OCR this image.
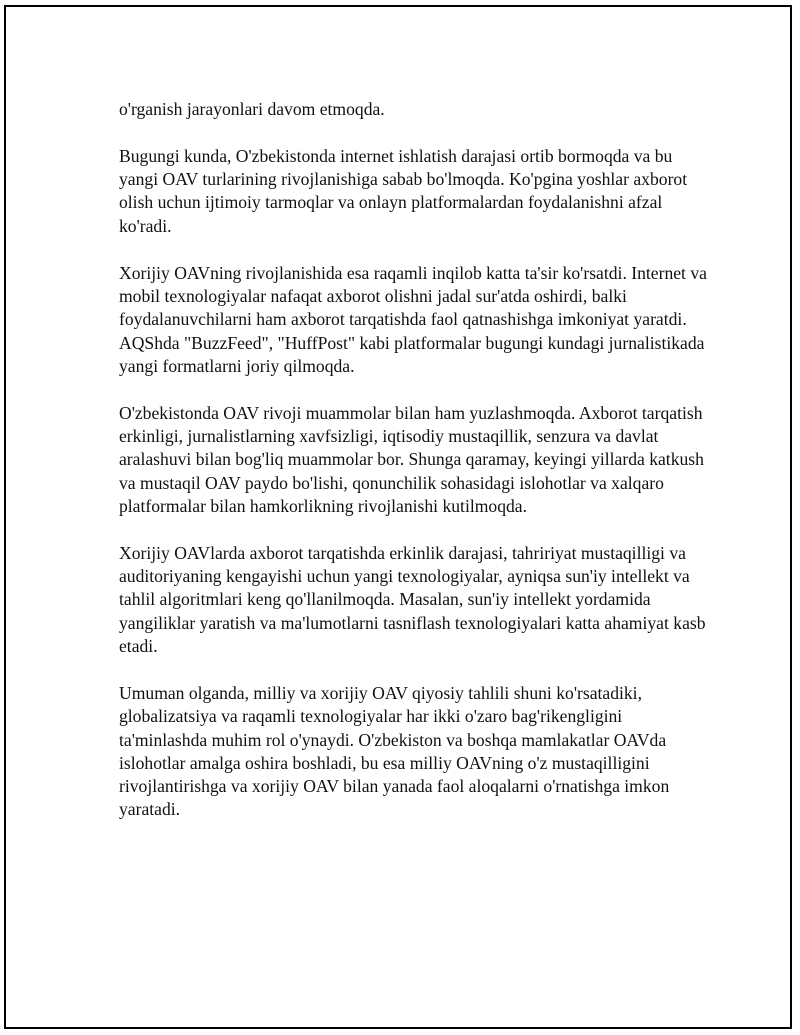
o'rganish jarayonlari davom etmoqda.

Bugungi kunda, O'zbekistonda internet ishlatish darajasi ortib bormoqda va bu yangi OAV turlarining rivojlanishiga sabab bo'lmoqda. Ko'pgina yoshlar axborot olish uchun ijtimoiy tarmoqlar va onlayn platformalardan foydalanishni afzal ko'radi.

Xorijiy OAVning rivojlanishida esa raqamli inqilob katta ta'sir ko'rsatdi. Internet va mobil texnologiyalar nafaqat axborot olishni jadal sur'atda oshirdi, balki foydalanuvchilarni ham axborot tarqatishda faol qatnashishga imkoniyat yaratdi. AQShda "BuzzFeed", "HuffPost" kabi platformalar bugungi kundagi jurnalistikada yangi formatlarni joriy qilmoqda.

O'zbekistonda OAV rivoji muammolar bilan ham yuzlashmoqda. Axborot tarqatish erkinligi, jurnalistlarning xavfsizligi, iqtisodiy mustaqillik, senzura va davlat aralashuvi bilan bog'liq muammolar bor. Shunga qaramay, keyingi yillarda katkush va mustaqil OAV paydo bo'lishi, qonunchilik sohasidagi islohotlar va xalqaro platformalar bilan hamkorlikning rivojlanishi kutilmoqda.

Xorijiy OAVlarda axborot tarqatishda erkinlik darajasi, tahririyat mustaqilligi va auditoriyaning kengayishi uchun yangi texnologiyalar, ayniqsa sun'iy intellekt va tahlil algoritmlari keng qo'llanilmoqda. Masalan, sun'iy intellekt yordamida yangiliklar yaratish va ma'lumotlarni tasniflash texnologiyalari katta ahamiyat kasb etadi.

Umuman olganda, milliy va xorijiy OAV qiyosiy tahlili shuni ko'rsatadiki, globalizatsiya va raqamli texnologiyalar har ikki o'zaro bag'rikengligini ta'minlashda muhim rol o'ynaydi. O'zbekiston va boshqa mamlakatlar OAVda islohotlar amalga oshira boshladi, bu esa milliy OAVning o'z mustaqilligini rivojlantirishga va xorijiy OAV bilan yanada faol aloqalarni o'rnatishga imkon yaratadi.
